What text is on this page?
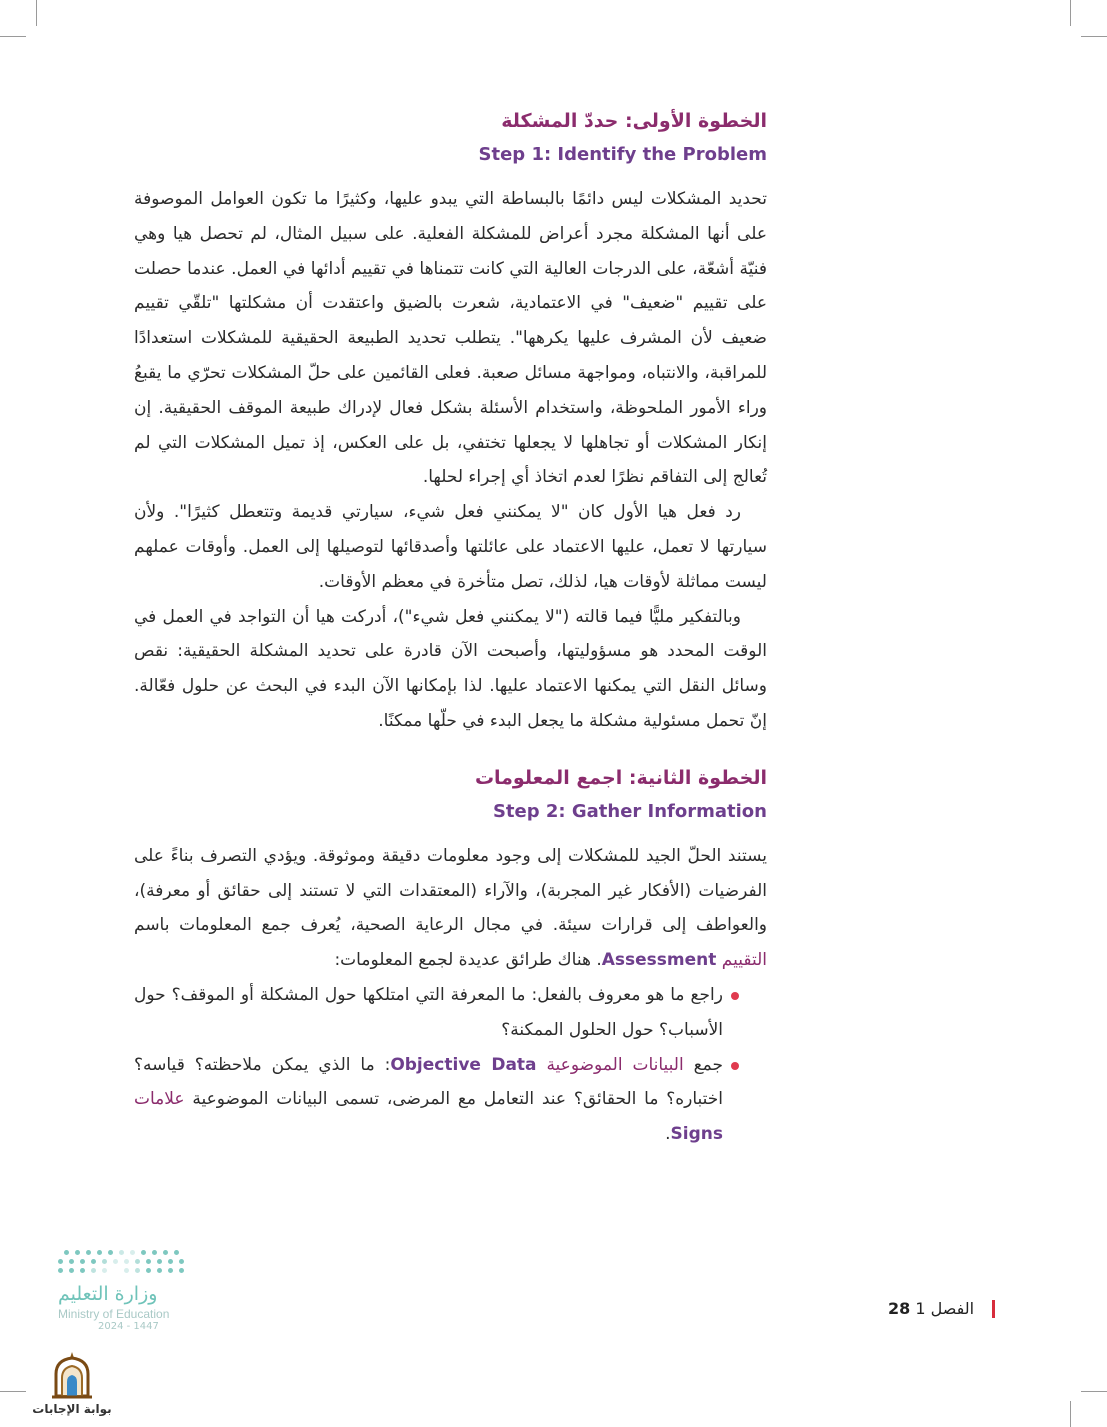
الخطوة الأولى: حددّ المشكلة

Step 1: Identify the Problem

تحديد المشكلات ليس دائمًا بالبساطة التي يبدو عليها، وكثيرًا ما تكون العوامل الموصوفة على أنها المشكلة مجرد أعراض للمشكلة الفعلية. على سبيل المثال، لم تحصل هيا وهي فنيّة أشعّة، على الدرجات العالية التي كانت تتمناها في تقييم أدائها في العمل. عندما حصلت على تقييم "ضعيف" في الاعتمادية، شعرت بالضيق واعتقدت أن مشكلتها "تلقّي تقييم ضعيف لأن المشرف عليها يكرهها". يتطلب تحديد الطبيعة الحقيقية للمشكلات استعدادًا للمراقبة، والانتباه، ومواجهة مسائل صعبة. فعلى القائمين على حلّ المشكلات تحرّي ما يقبعُ وراء الأمور الملحوظة، واستخدام الأسئلة بشكل فعال لإدراك طبيعة الموقف الحقيقية. إن إنكار المشكلات أو تجاهلها لا يجعلها تختفي، بل على العكس، إذ تميل المشكلات التي لم تُعالج إلى التفاقم نظرًا لعدم اتخاذ أي إجراء لحلها.

رد فعل هيا الأول كان "لا يمكنني فعل شيء، سيارتي قديمة وتتعطل كثيرًا". ولأن سيارتها لا تعمل، عليها الاعتماد على عائلتها وأصدقائها لتوصيلها إلى العمل. وأوقات عملهم ليست مماثلة لأوقات هيا، لذلك، تصل متأخرة في معظم الأوقات.

وبالتفكير مليًّا فيما قالته ("لا يمكنني فعل شيء")، أدركت هيا أن التواجد في العمل في الوقت المحدد هو مسؤوليتها، وأصبحت الآن قادرة على تحديد المشكلة الحقيقية: نقص وسائل النقل التي يمكنها الاعتماد عليها. لذا بإمكانها الآن البدء في البحث عن حلول فعّالة. إنّ تحمل مسئولية مشكلة ما يجعل البدء في حلّها ممكنًا.

الخطوة الثانية: اجمع المعلومات

Step 2: Gather Information

يستند الحلّ الجيد للمشكلات إلى وجود معلومات دقيقة وموثوقة. ويؤدي التصرف بناءً على الفرضيات (الأفكار غير المجربة)، والآراء (المعتقدات التي لا تستند إلى حقائق أو معرفة)، والعواطف إلى قرارات سيئة. في مجال الرعاية الصحية، يُعرف جمع المعلومات باسم التقييم Assessment. هناك طرائق عديدة لجمع المعلومات:

راجع ما هو معروف بالفعل: ما المعرفة التي امتلكها حول المشكلة أو الموقف؟ حول الأسباب؟ حول الحلول الممكنة؟

جمع البيانات الموضوعية Objective Data: ما الذي يمكن ملاحظته؟ قياسه؟ اختباره؟ ما الحقائق؟ عند التعامل مع المرضى، تسمى البيانات الموضوعية علامات Signs.

الفصل 1 28
وزارة التعليم
Ministry of Education
2024 - 1447
بوابة الإجابات
